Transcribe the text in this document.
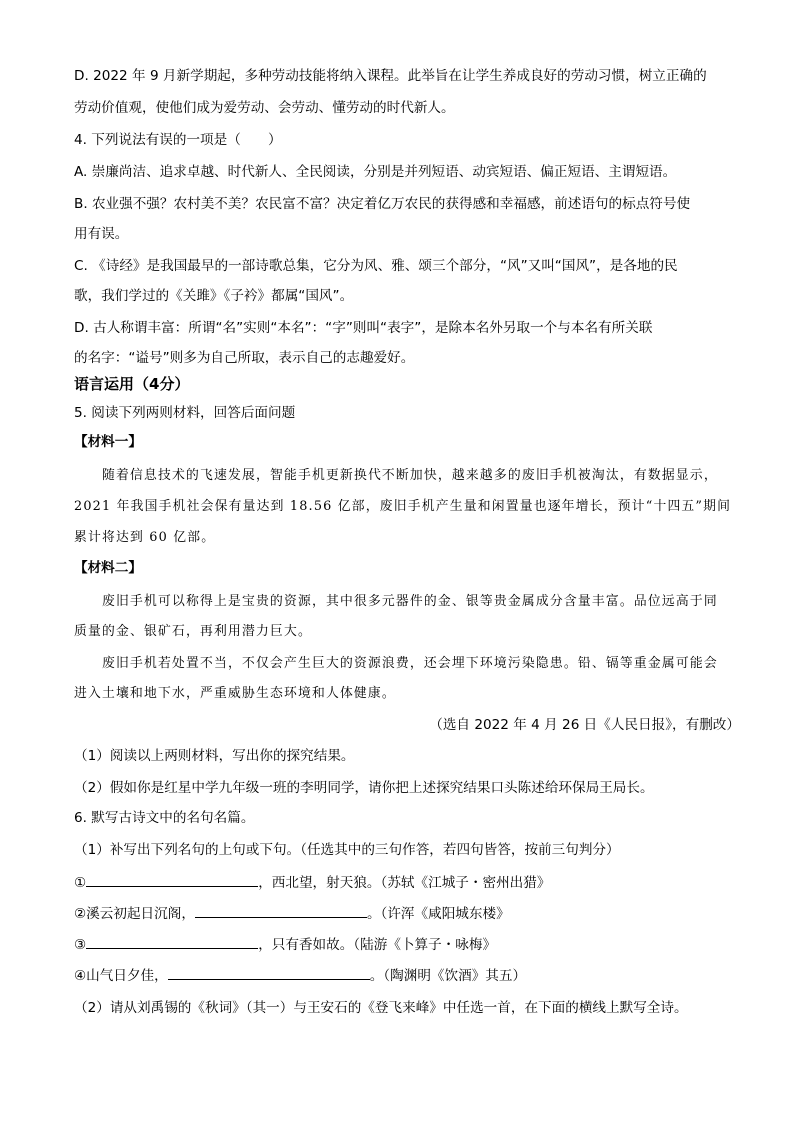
D. 2022 年 9 月新学期起，多种劳动技能将纳入课程。此举旨在让学生养成良好的劳动习惯，树立正确的
劳动价值观，使他们成为爱劳动、会劳动、懂劳动的时代新人。
4. 下列说法有误的一项是（　　）
A. 崇廉尚洁、追求卓越、时代新人、全民阅读，分别是并列短语、动宾短语、偏正短语、主谓短语。
B. 农业强不强？农村美不美？农民富不富？决定着亿万农民的获得感和幸福感，前述语句的标点符号使
用有误。
C. 《诗经》是我国最早的一部诗歌总集，它分为风、雅、颂三个部分，“风”又叫“国风”，是各地的民
歌，我们学过的《关雎》《子衿》都属“国风”。
D. 古人称谓丰富：所谓“名”实则“本名”：“字”则叫“表字”，是除本名外另取一个与本名有所关联
的名字：“谥号”则多为自己所取，表示自己的志趣爱好。
语言运用（4分）
5. 阅读下列两则材料，回答后面问题
【材料一】
随着信息技术的飞速发展，智能手机更新换代不断加快，越来越多的废旧手机被淘汰，有数据显示，
2021 年我国手机社会保有量达到 18.56 亿部，废旧手机产生量和闲置量也逐年增长，预计“十四五”期间
累计将达到 60 亿部。
【材料二】
废旧手机可以称得上是宝贵的资源，其中很多元器件的金、银等贵金属成分含量丰富。品位远高于同
质量的金、银矿石，再利用潜力巨大。
废旧手机若处置不当，不仅会产生巨大的资源浪费，还会埋下环境污染隐患。铅、镉等重金属可能会
进入土壤和地下水，严重威胁生态环境和人体健康。
（选自 2022 年 4 月 26 日《人民日报》，有删改）
（1）阅读以上两则材料，写出你的探究结果。
（2）假如你是红星中学九年级一班的李明同学，请你把上述探究结果口头陈述给环保局王局长。
6. 默写古诗文中的名句名篇。
（1）补写出下列名句的上句或下句。（任选其中的三句作答，若四句皆答，按前三句判分）
①	，西北望，射天狼。（苏轼《江城子・密州出猎》
②溪云初起日沉阁，	。（许浑《咸阳城东楼》
③	，只有香如故。（陆游《卜算子・咏梅》
④山气日夕佳，	。（陶渊明《饮酒》其五）
（2）请从刘禹锡的《秋词》（其一）与王安石的《登飞来峰》中任选一首，在下面的横线上默写全诗。
